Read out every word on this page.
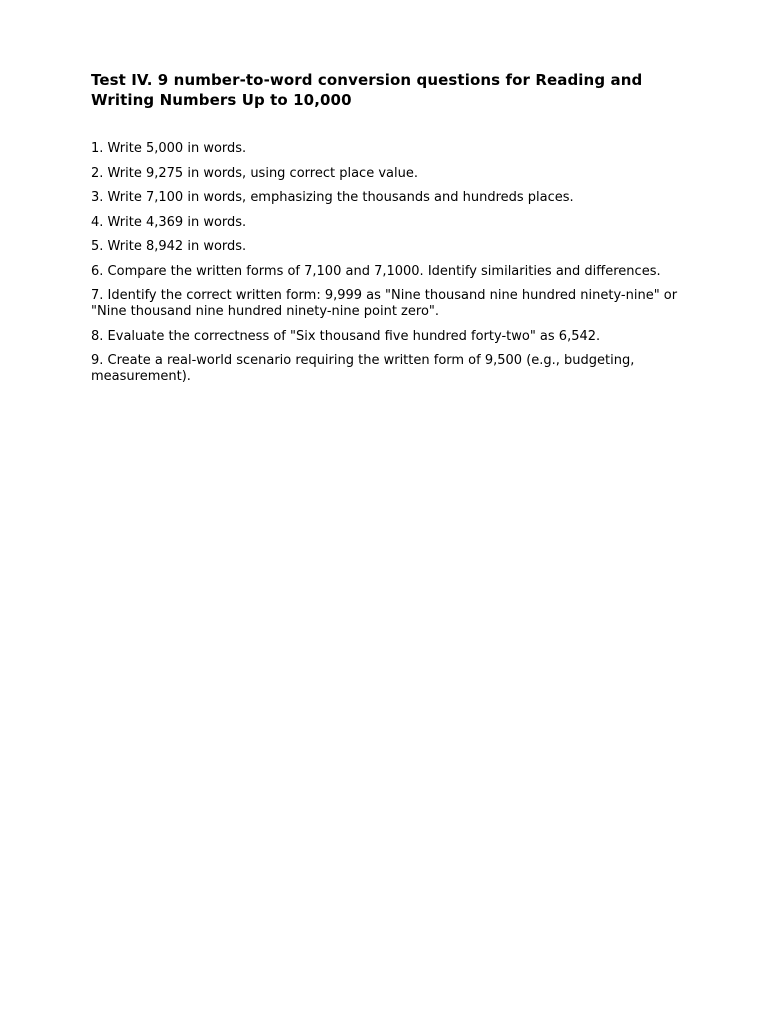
Test IV. 9 number-to-word conversion questions for Reading and Writing Numbers Up to 10,000
1. Write 5,000 in words.
2. Write 9,275 in words, using correct place value.
3. Write 7,100 in words, emphasizing the thousands and hundreds places.
4. Write 4,369 in words.
5. Write 8,942 in words.
6. Compare the written forms of 7,100 and 7,1000. Identify similarities and differences.
7. Identify the correct written form: 9,999 as "Nine thousand nine hundred ninety-nine" or "Nine thousand nine hundred ninety-nine point zero".
8. Evaluate the correctness of "Six thousand five hundred forty-two" as 6,542.
9. Create a real-world scenario requiring the written form of 9,500 (e.g., budgeting, measurement).
